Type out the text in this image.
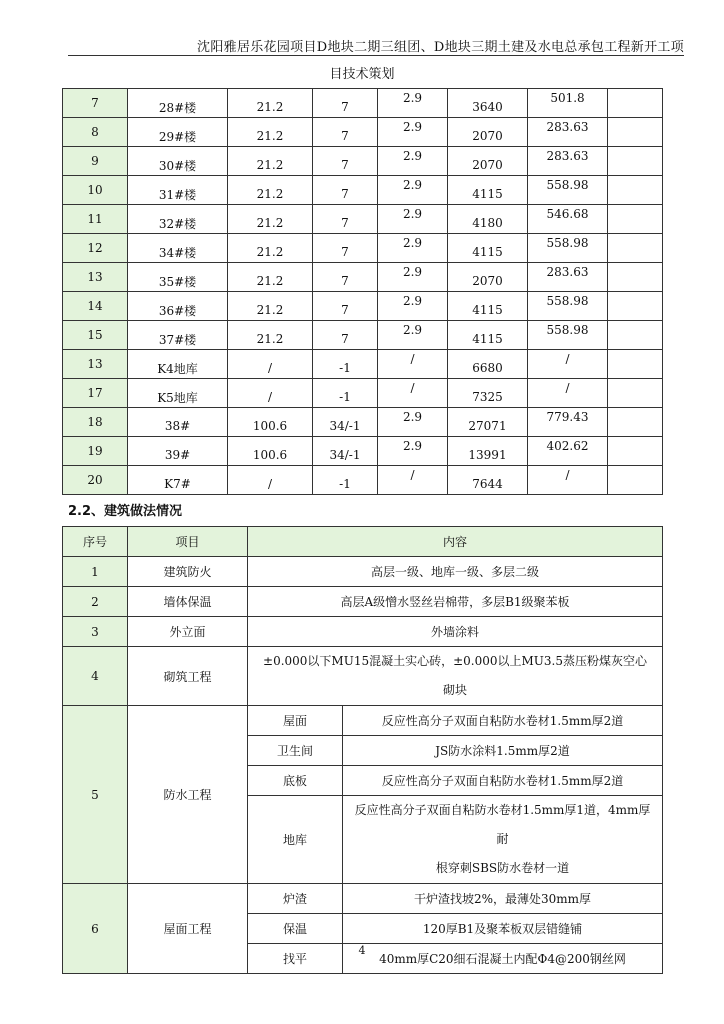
沈阳雅居乐花园项目D地块二期三组团、D地块三期土建及水电总承包工程新开工项
目技术策划
7	28#楼	21.2	7	2.9	3640	501.8	
8	29#楼	21.2	7	2.9	2070	283.63	
9	30#楼	21.2	7	2.9	2070	283.63	
10	31#楼	21.2	7	2.9	4115	558.98	
11	32#楼	21.2	7	2.9	4180	546.68	
12	34#楼	21.2	7	2.9	4115	558.98	
13	35#楼	21.2	7	2.9	2070	283.63	
14	36#楼	21.2	7	2.9	4115	558.98	
15	37#楼	21.2	7	2.9	4115	558.98	
13	K4地库	/	-1	/	6680	/	
17	K5地库	/	-1	/	7325	/	
18	38#	100.6	34/-1	2.9	27071	779.43	
19	39#	100.6	34/-1	2.9	13991	402.62	
20	K7#	/	-1	/	7644	/	
2.2、建筑做法情况
序号	项目	内容	
1	建筑防火	高层一级、地库一级、多层二级	
2	墙体保温	高层A级憎水竖丝岩棉带，多层B1级聚苯板	
3	外立面	外墙涂料	
4	砌筑工程	±0.000以下MU15混凝土实心砖，±0.000以上MU3.5蒸压粉煤灰空心
砌块	

5	防水工程	屋面	反应性高分子双面自粘防水卷材1.5mm厚2道
		卫生间	JS防水涂料1.5mm厚2道
		底板	反应性高分子双面自粘防水卷材1.5mm厚2道
		地库	反应性高分子双面自粘防水卷材1.5mm厚1道，4mm厚耐
根穿刺SBS防水卷材一道

6	屋面工程	炉渣	干炉渣找坡2%，最薄处30mm厚
		保温	120厚B1及聚苯板双层错缝铺
		找平	40mm厚C20细石混凝土内配Φ4@200钢丝网
4
